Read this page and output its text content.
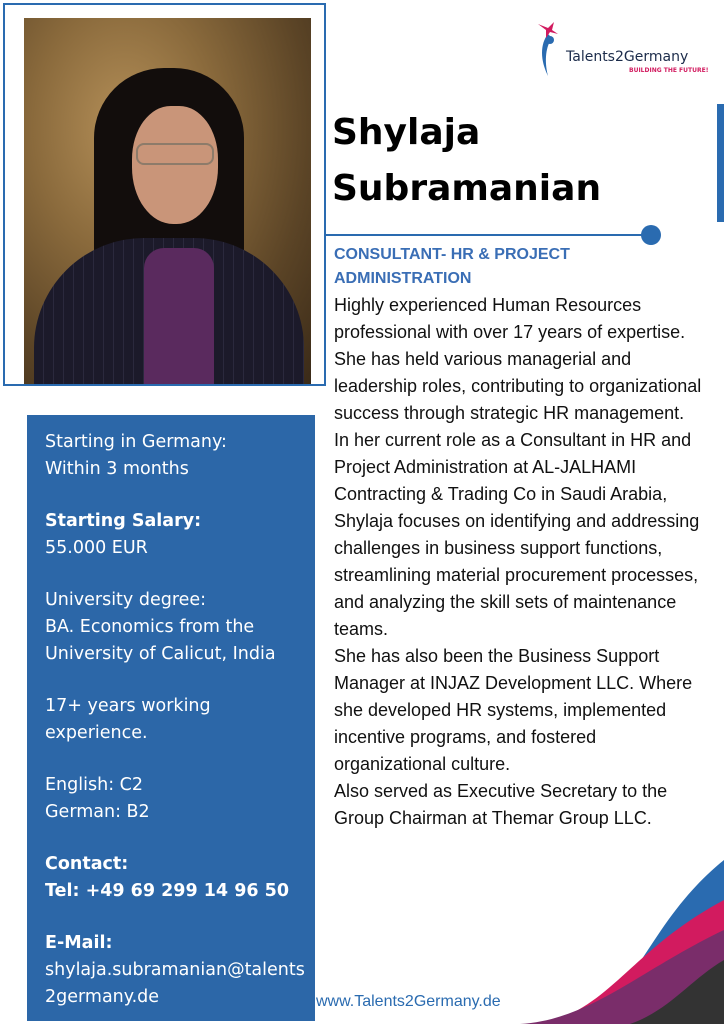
Talents2Germany
BUILDING THE FUTURE!
Shylaja
Subramanian
CONSULTANT- HR & PROJECT
ADMINISTRATION

Highly experienced Human Resources professional with over 17 years of expertise.

She has held various managerial and leadership roles, contributing to organizational success through strategic HR management.

In her current role as a Consultant in HR and Project Administration at AL-JALHAMI Contracting & Trading Co in Saudi Arabia, Shylaja focuses on identifying and addressing challenges in business support functions, streamlining material procurement processes, and analyzing the skill sets of maintenance teams.

She has also been the Business Support Manager at INJAZ Development LLC. Where she developed HR systems, implemented incentive programs, and fostered organizational culture.

Also served as Executive Secretary to the Group Chairman at Themar Group LLC.

Starting in Germany:
Within 3 months
Starting Salary:
55.000 EUR
University degree:
BA. Economics from the
University of Calicut, India
17+ years working
experience.
English: C2
German: B2
Contact:
Tel: +49 69 299 14 96 50
E-Mail:
shylaja.subramanian@talents2germany.de	www.Talents2Germany.de
